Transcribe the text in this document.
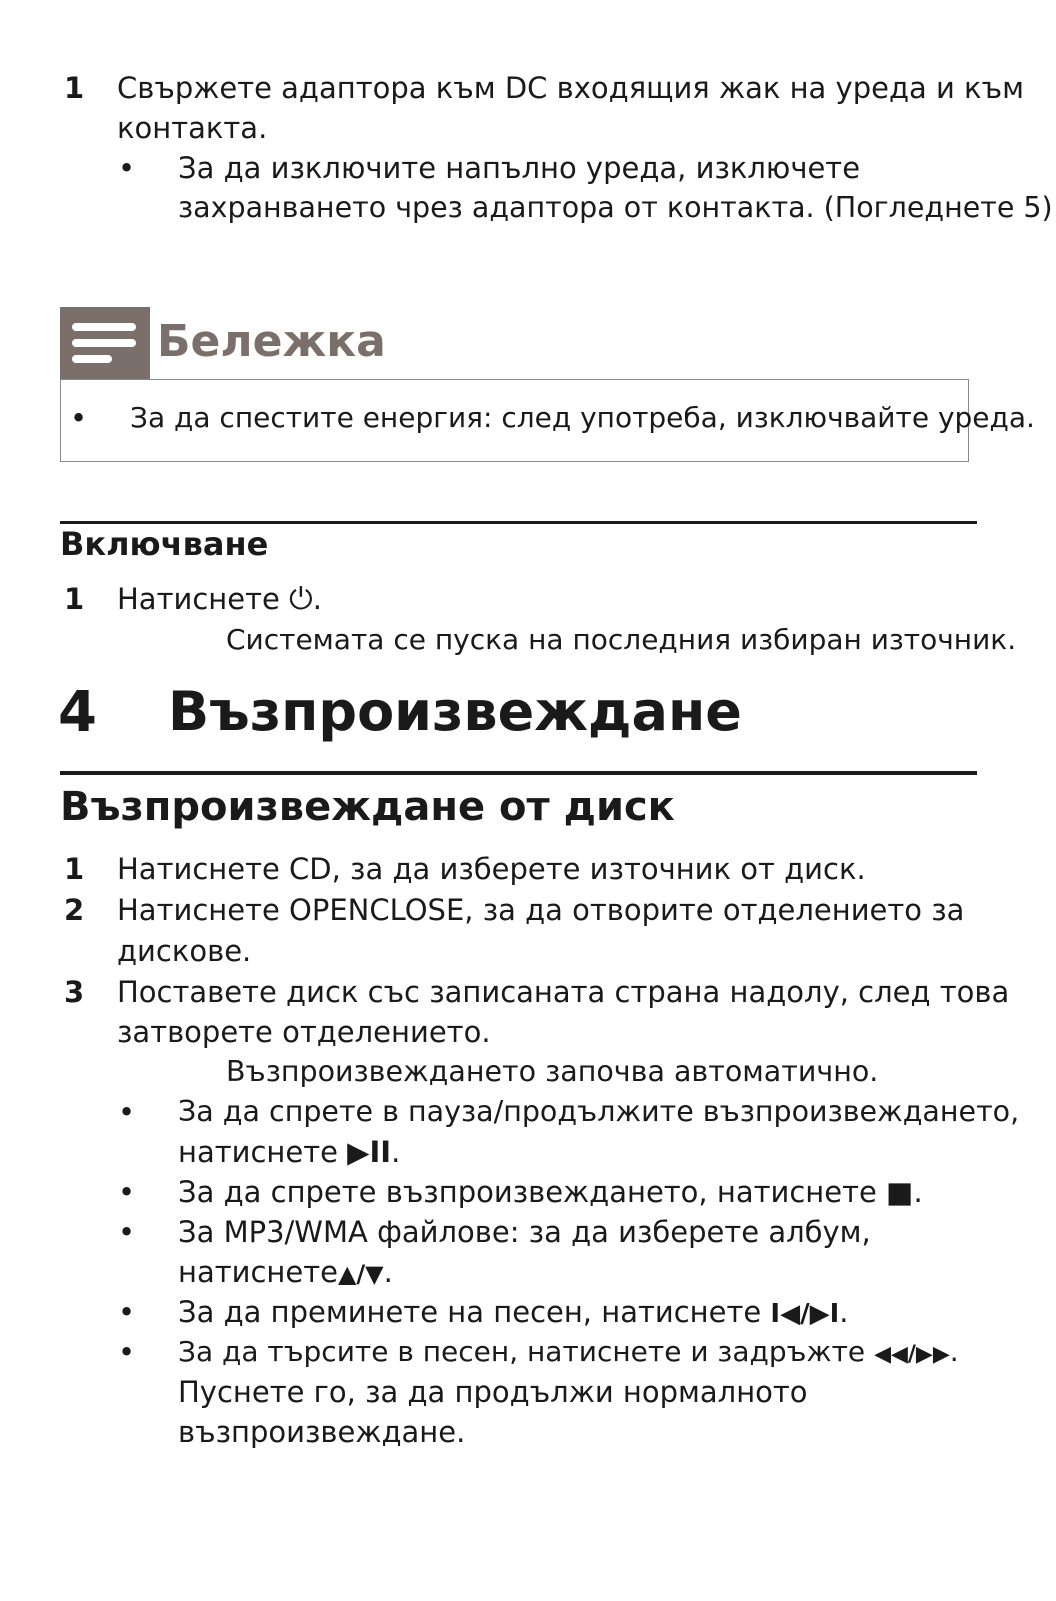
1 Свържете адаптора към DC входящия жак на уреда и към
контакта.
• За да изключите напълно уреда, изключете
захранването чрез адаптора от контакта. (Погледнете 5)
Бележка
• За да спестите енергия: след употреба, изключвайте уреда.
Включване
1 Натиснете ⏻.
Системата се пуска на последния избиран източник.
4 Възпроизвеждане
Възпроизвеждане от диск
1 Натиснете CD, за да изберете източник от диск.
2 Натиснете OPENCLOSE, за да отворите отделението за
дискове.
3 Поставете диск със записаната страна надолу, след това
затворете отделението.
Възпроизвеждането започва автоматично.
• За да спрете в пауза/продължите възпроизвеждането,
натиснете ▶II.
• За да спрете възпроизвеждането, натиснете ■.
• За MP3/WMA файлове: за да изберете албум,
натиснете▲/▼.
• За да преминете на песен, натиснете I◀/▶I.
• За да търсите в песен, натиснете и задръжте ◀◀/▶▶.
Пуснете го, за да продължи нормалното
възпроизвеждане.
